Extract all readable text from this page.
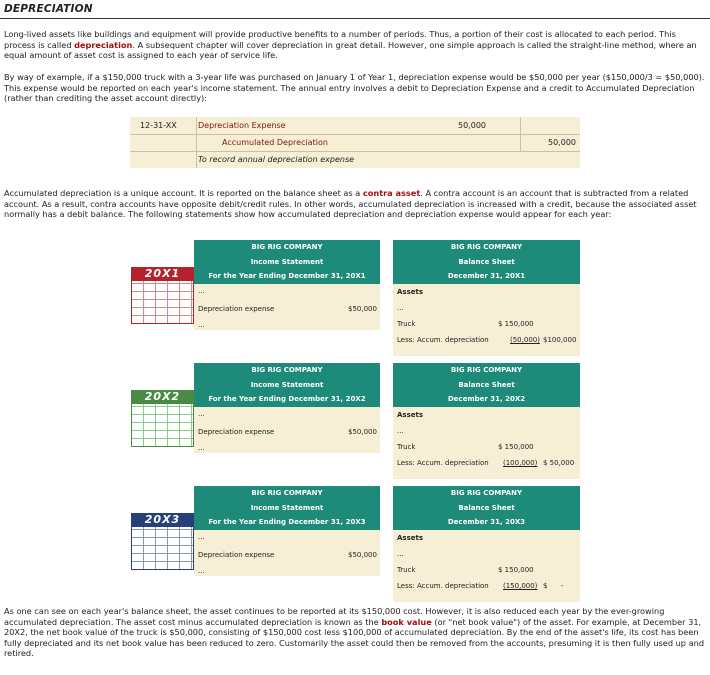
DEPRECIATION
Long-lived assets like buildings and equipment will provide productive benefits to a number of periods. Thus, a portion of their cost is allocated to each period. This process is called depreciation. A subsequent chapter will cover depreciation in great detail. However, one simple approach is called the straight-line method, where an equal amount of asset cost is assigned to each year of service life.
By way of example, if a $150,000 truck with a 3-year life was purchased on January 1 of Year 1, depreciation expense would be $50,000 per year ($150,000/3 = $50,000). This expense would be reported on each year's income statement. The annual entry involves a debit to Depreciation Expense and a credit to Accumulated Depreciation (rather than crediting the asset account directly):
12-31-XX	Depreciation Expense	50,000
Accumulated Depreciation	50,000
To record annual depreciation expense
Accumulated depreciation is a unique account. It is reported on the balance sheet as a contra asset. A contra account is an account that is subtracted from a related account. As a result, contra accounts have opposite debit/credit rules. In other words, accumulated depreciation is increased with a credit, because the associated asset normally has a debit balance. The following statements show how accumulated depreciation and depreciation expense would appear for each year:
20X1
BIG RIG COMPANY
Income Statement
For the Year Ending December 31, 20X1
...
Depreciation expense	$50,000
...
BIG RIG COMPANY
Balance Sheet
December 31, 20X1
Assets
...
Truck	$ 150,000
Less: Accum. depreciation	(50,000) $100,000
20X2
BIG RIG COMPANY
Income Statement
For the Year Ending December 31, 20X2
...
Depreciation expense	$50,000
...
BIG RIG COMPANY
Balance Sheet
December 31, 20X2
Assets
...
Truck	$ 150,000
Less: Accum. depreciation (100,000) $ 50,000
20X3
BIG RIG COMPANY
Income Statement
For the Year Ending December 31, 20X3
...
Depreciation expense	$50,000
...
BIG RIG COMPANY
Balance Sheet
December 31, 20X3
Assets
...
Truck	$ 150,000
Less: Accum. depreciation (150,000) $      -
As one can see on each year's balance sheet, the asset continues to be reported at its $150,000 cost. However, it is also reduced each year by the ever-growing accumulated depreciation. The asset cost minus accumulated depreciation is known as the book value (or "net book value") of the asset. For example, at December 31, 20X2, the net book value of the truck is $50,000, consisting of $150,000 cost less $100,000 of accumulated depreciation. By the end of the asset's life, its cost has been fully depreciated and its net book value has been reduced to zero. Customarily the asset could then be removed from the accounts, presuming it is then fully used up and retired.
